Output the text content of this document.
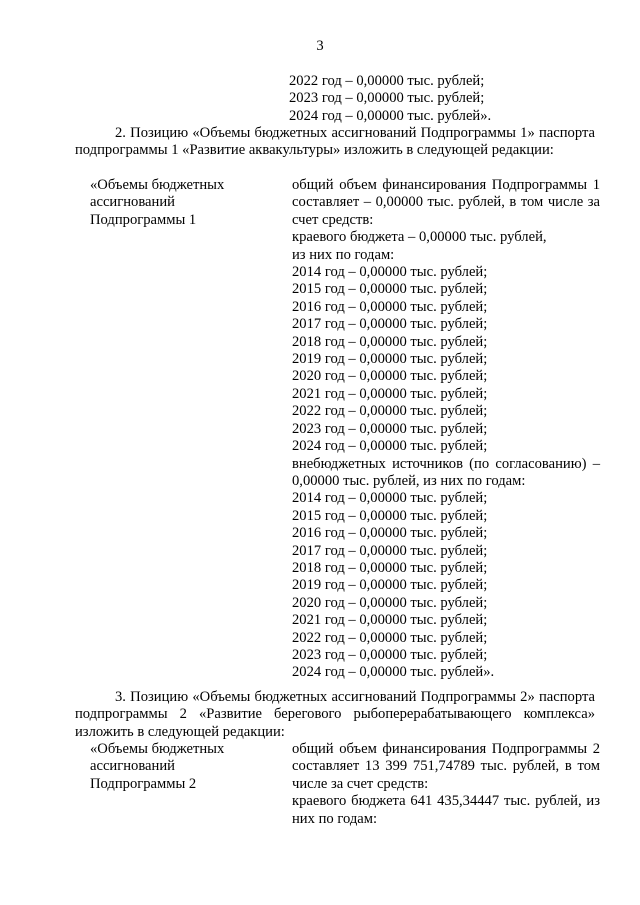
3
2022 год – 0,00000 тыс. рублей;
2023 год – 0,00000 тыс. рублей;
2024 год – 0,00000 тыс. рублей».
2. Позицию «Объемы бюджетных ассигнований Подпрограммы 1» паспорта подпрограммы 1 «Развитие аквакультуры» изложить в следующей редакции:
«Объемы бюджетных
ассигнований
Подпрограммы 1
общий объем финансирования Подпрограммы 1 составляет – 0,00000 тыс. рублей, в том числе за счет средств:
краевого бюджета – 0,00000 тыс. рублей,
из них по годам:
2014 год – 0,00000 тыс. рублей;
2015 год – 0,00000 тыс. рублей;
2016 год – 0,00000 тыс. рублей;
2017 год – 0,00000 тыс. рублей;
2018 год – 0,00000 тыс. рублей;
2019 год – 0,00000 тыс. рублей;
2020 год – 0,00000 тыс. рублей;
2021 год – 0,00000 тыс. рублей;
2022 год – 0,00000 тыс. рублей;
2023 год – 0,00000 тыс. рублей;
2024 год – 0,00000 тыс. рублей;
внебюджетных источников (по согласованию) – 0,00000 тыс. рублей, из них по годам:
2014 год – 0,00000 тыс. рублей;
2015 год – 0,00000 тыс. рублей;
2016 год – 0,00000 тыс. рублей;
2017 год – 0,00000 тыс. рублей;
2018 год – 0,00000 тыс. рублей;
2019 год – 0,00000 тыс. рублей;
2020 год – 0,00000 тыс. рублей;
2021 год – 0,00000 тыс. рублей;
2022 год – 0,00000 тыс. рублей;
2023 год – 0,00000 тыс. рублей;
2024 год – 0,00000 тыс. рублей».
3. Позицию «Объемы бюджетных ассигнований Подпрограммы 2» паспорта подпрограммы 2 «Развитие берегового рыбоперерабатывающего комплекса» изложить в следующей редакции:
«Объемы бюджетных
ассигнований
Подпрограммы 2
общий объем финансирования Подпрограммы 2 составляет 13 399 751,74789 тыс. рублей, в том числе за счет средств:
краевого бюджета 641 435,34447 тыс. рублей, из них по годам:
